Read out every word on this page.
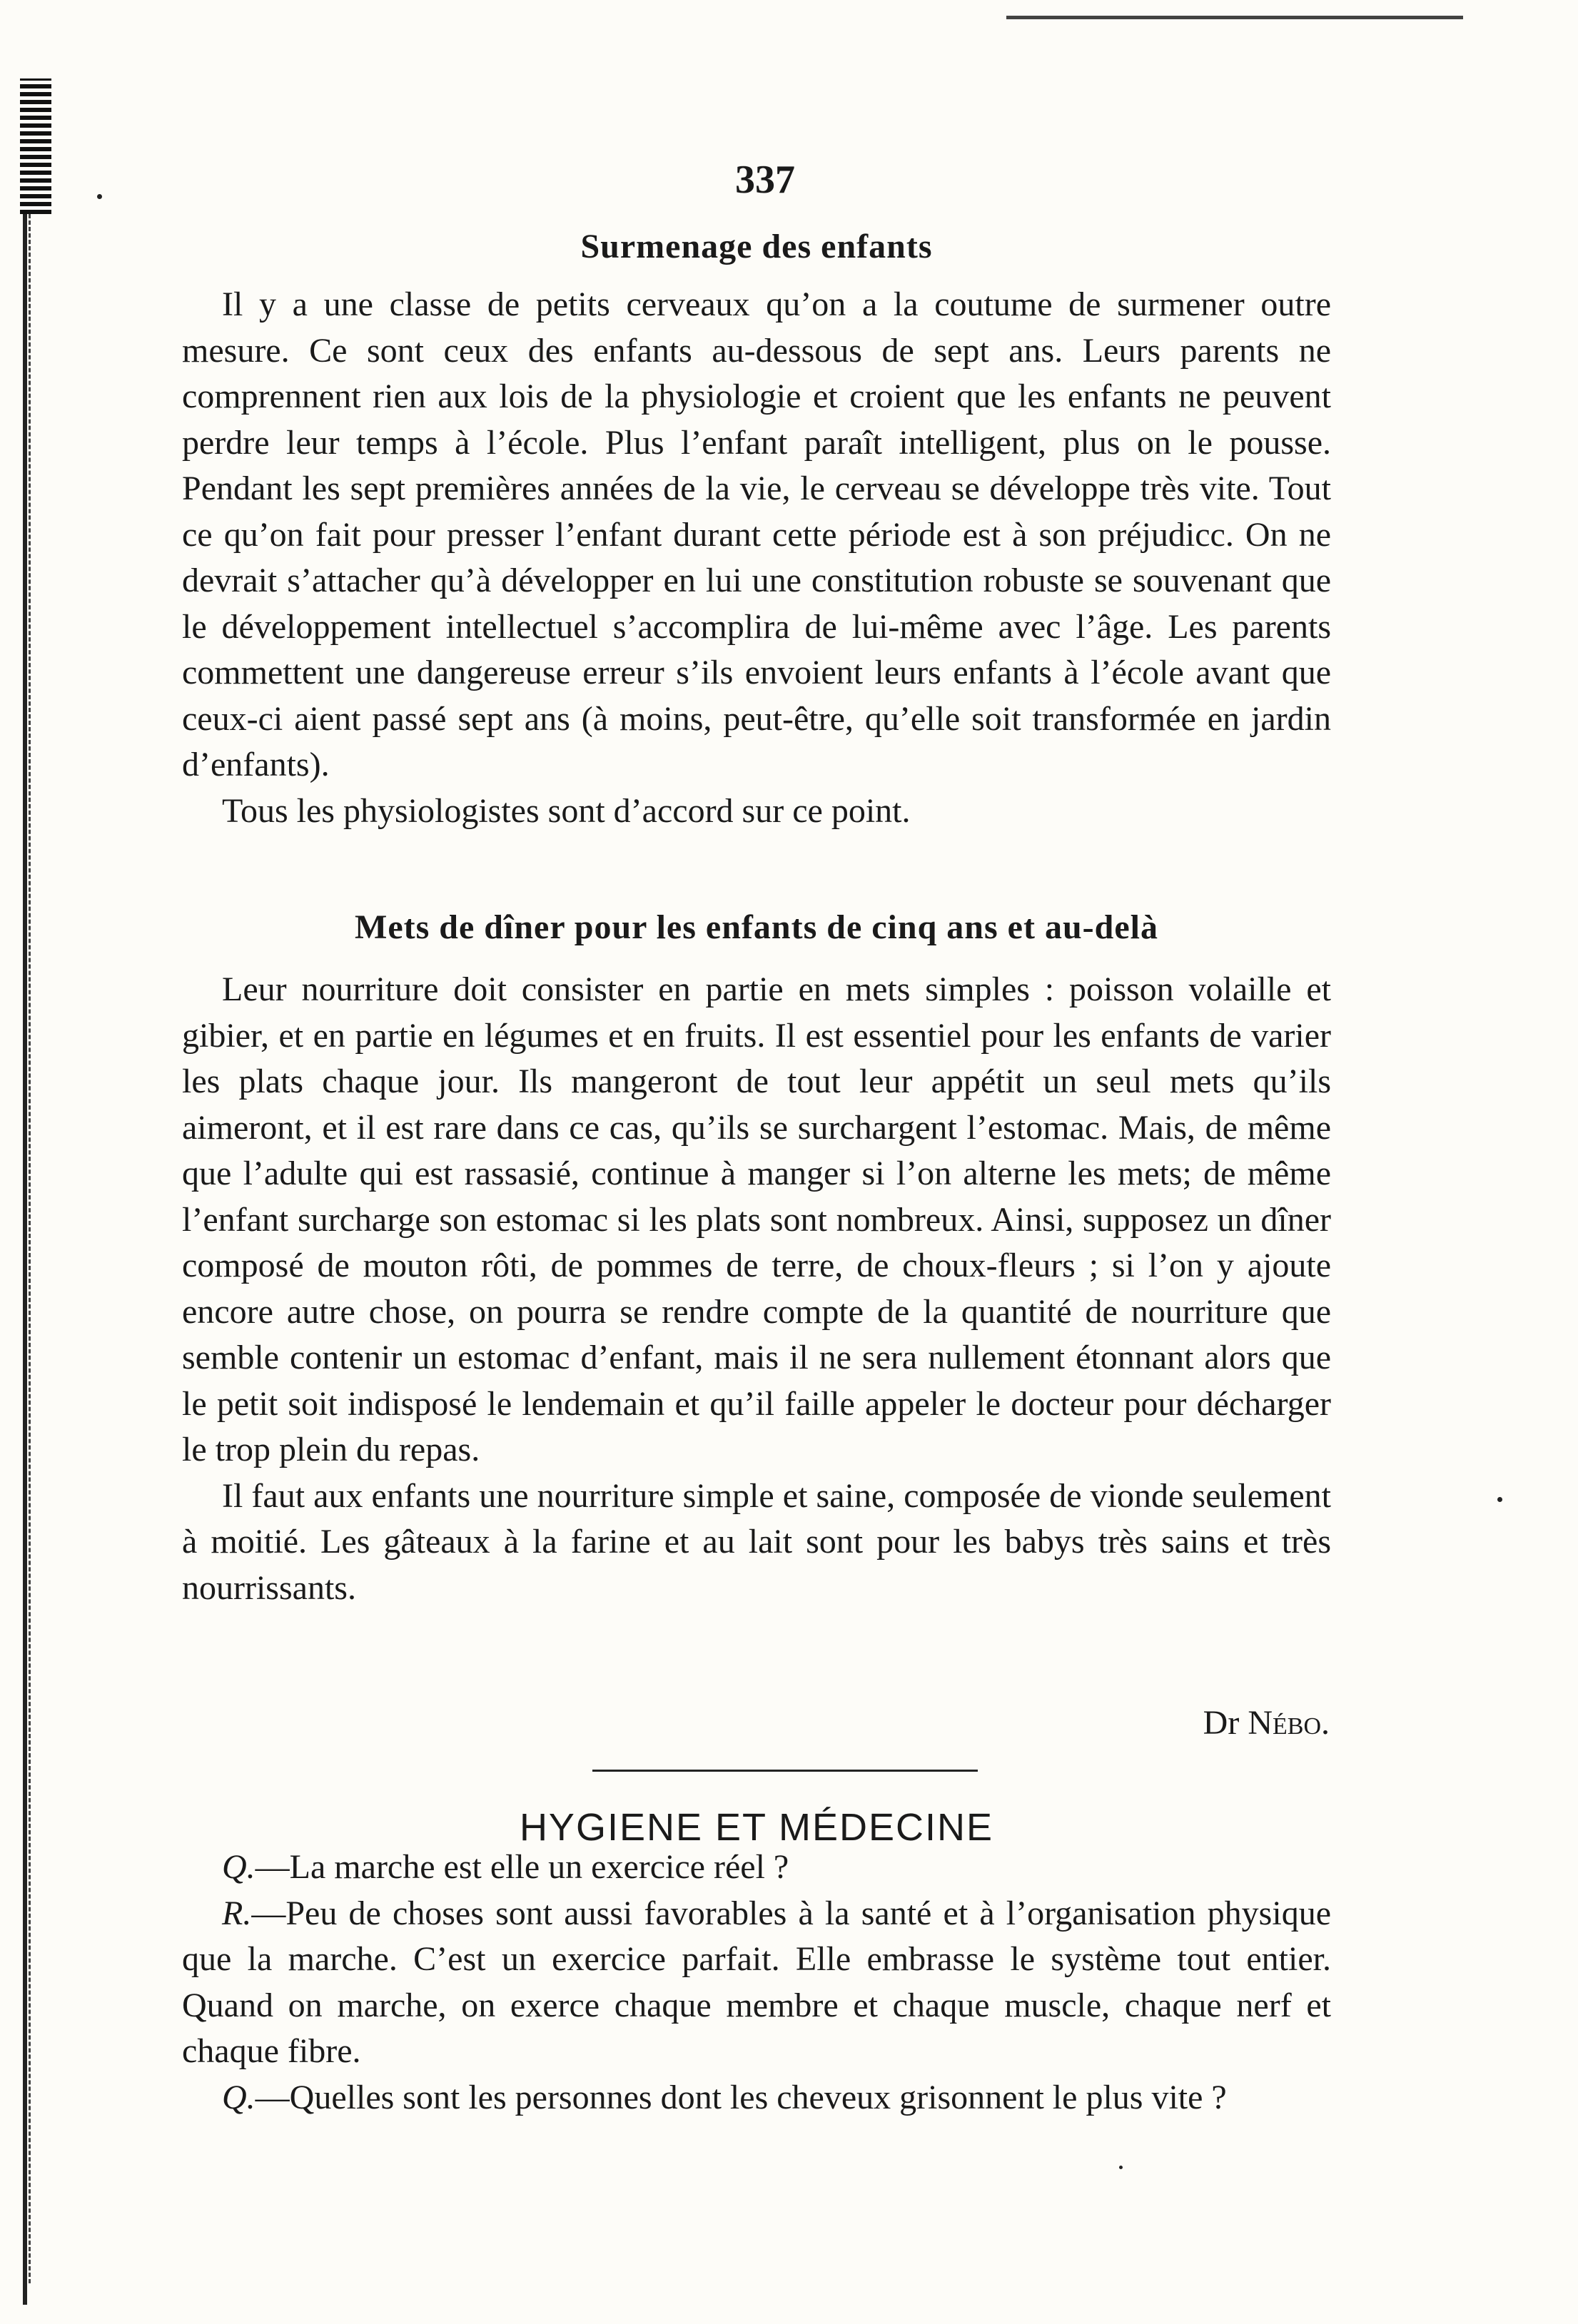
337
Surmenage des enfants

Il y a une classe de petits cerveaux qu’on a la coutume de surmener outre mesure. Ce sont ceux des enfants au-dessous de sept ans. Leurs parents ne comprennent rien aux lois de la physiologie et croient que les enfants ne peuvent perdre leur temps à l’école. Plus l’enfant paraît intelligent, plus on le pousse. Pendant les sept premières années de la vie, le cerveau se développe très vite. Tout ce qu’on fait pour presser l’enfant durant cette période est à son préjudicc. On ne devrait s’attacher qu’à développer en lui une constitution robuste se souvenant que le développement intellectuel s’accomplira de lui-même avec l’âge. Les parents commettent une dangereuse erreur s’ils envoient leurs enfants à l’école avant que ceux-ci aient passé sept ans (à moins, peut-être, qu’elle soit transformée en jardin d’enfants).

Tous les physiologistes sont d’accord sur ce point.

Mets de dîner pour les enfants de cinq ans et au-delà

Leur nourriture doit consister en partie en mets simples : poisson volaille et gibier, et en partie en légumes et en fruits. Il est essentiel pour les enfants de varier les plats chaque jour. Ils mangeront de tout leur appétit un seul mets qu’ils aimeront, et il est rare dans ce cas, qu’ils se surchargent l’estomac. Mais, de même que l’adulte qui est rassasié, continue à manger si l’on alterne les mets; de même l’enfant surcharge son estomac si les plats sont nombreux. Ainsi, supposez un dîner composé de mouton rôti, de pommes de terre, de choux-fleurs ; si l’on y ajoute encore autre chose, on pourra se rendre compte de la quantité de nourriture que semble contenir un estomac d’enfant, mais il ne sera nullement étonnant alors que le petit soit indisposé le lendemain et qu’il faille appeler le docteur pour décharger le trop plein du repas.

Il faut aux enfants une nourriture simple et saine, composée de vionde seulement à moitié. Les gâteaux à la farine et au lait sont pour les babys très sains et très nourrissants.

Dr Nébo.
HYGIENE ET MÉDECINE

Q.—La marche est elle un exercice réel ?

R.—Peu de choses sont aussi favorables à la santé et à l’organisation physique que la marche. C’est un exercice parfait. Elle embrasse le système tout entier. Quand on marche, on exerce chaque membre et chaque muscle, chaque nerf et chaque fibre.

Q.—Quelles sont les personnes dont les cheveux grisonnent le plus vite ?
